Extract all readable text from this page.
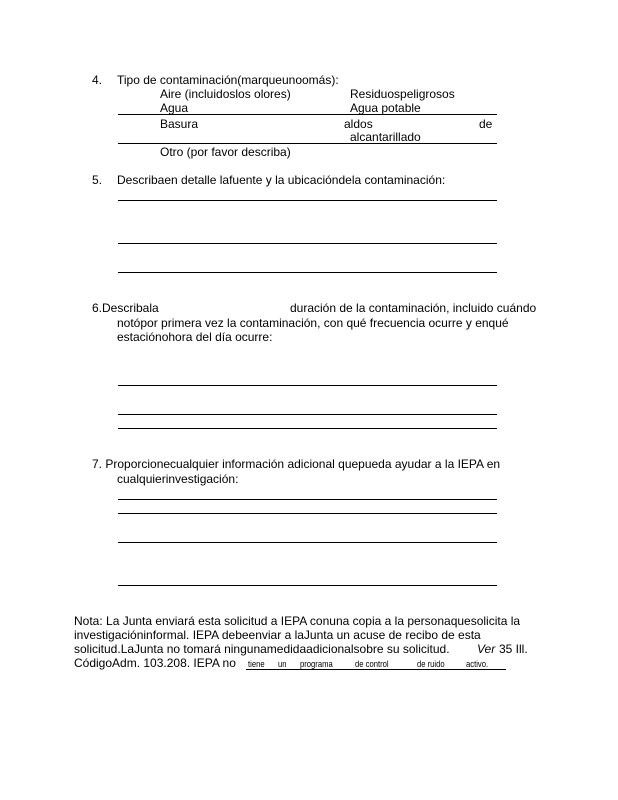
4. Tipo de contaminación(marqueunoomás):
Aire (incluidoslos olores)	Residuospeligrosos
Agua	Agua potable
Basura	aldos	de
alcantarillado
Otro (por favor describa)
5. Describaen detalle lafuente y la ubicacióndela contaminación:
6.Describala	duración de la contaminación, incluido cuándo
notópor primera vez la contaminación, con qué frecuencia ocurre y enqué
estaciónohora del día ocurre:
7. Proporcionecualquier información adicional quepueda ayudar a la IEPA en
cualquierinvestigación:
Nota: La Junta enviará esta solicitud a IEPA conuna copia a la personaquesolicita la
investigacióninformal. IEPA debeenviar a laJunta un acuse de recibo de esta
solicitud.LaJunta no tomará ningunamedidaadicionalsobre su solicitud. Ver 35 Ill.
CódigoAdm. 103.208. IEPA no tiene un programa de control	de ruido activo.
